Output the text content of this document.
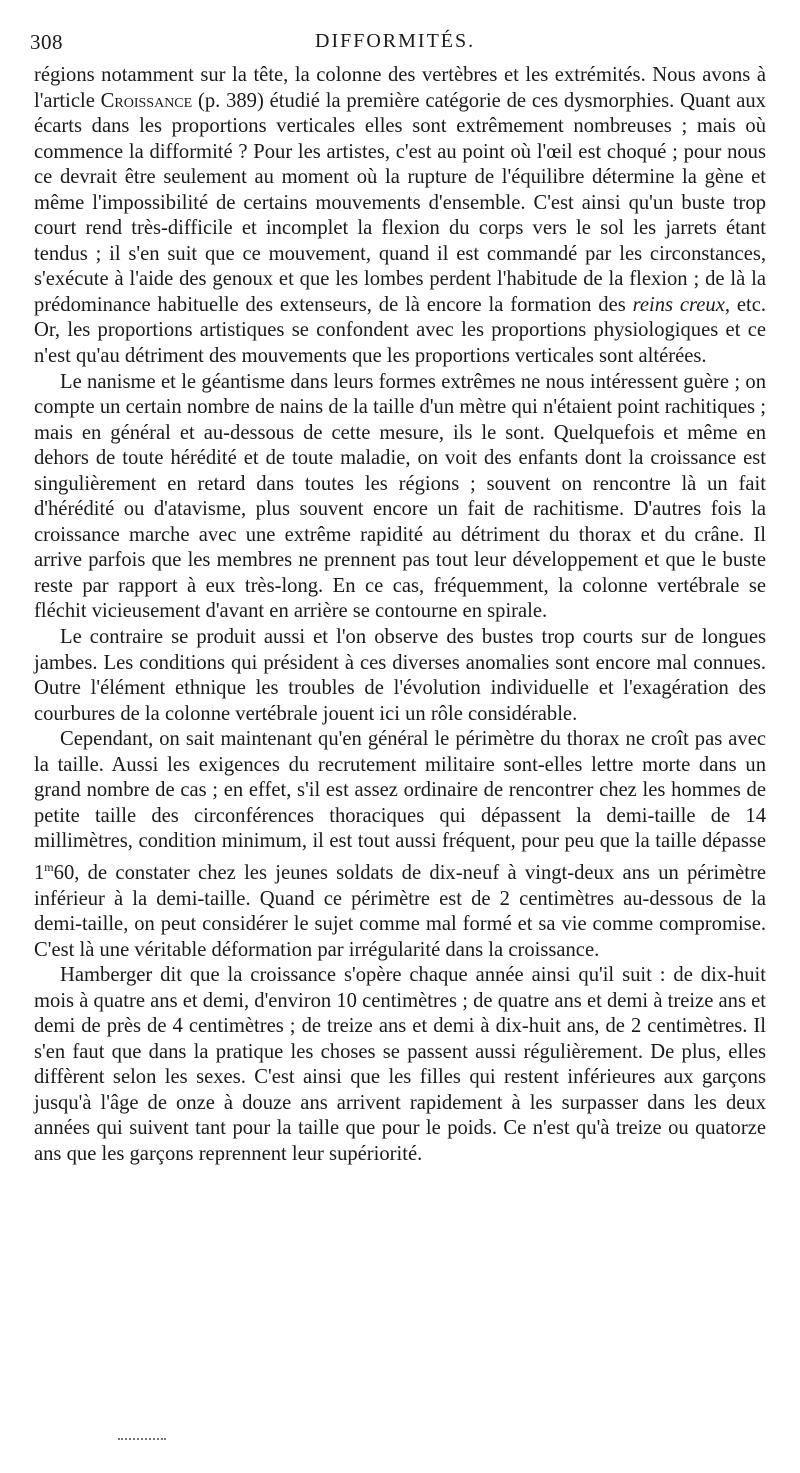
308	DIFFORMITÉS.

régions notamment sur la tête, la colonne des vertèbres et les extrémités. Nous avons à l'article Croissance (p. 389) étudié la première catégorie de ces dysmorphies. Quant aux écarts dans les proportions verticales elles sont extrêmement nombreuses ; mais où commence la difformité ? Pour les artistes, c'est au point où l'œil est choqué ; pour nous ce devrait être seulement au moment où la rupture de l'équilibre détermine la gène et même l'impossibilité de certains mouvements d'ensemble. C'est ainsi qu'un buste trop court rend très-difficile et incomplet la flexion du corps vers le sol les jarrets étant tendus ; il s'en suit que ce mouvement, quand il est commandé par les circonstances, s'exécute à l'aide des genoux et que les lombes perdent l'habitude de la flexion ; de là la prédominance habituelle des extenseurs, de là encore la formation des reins creux, etc. Or, les proportions artistiques se confondent avec les proportions physiologiques et ce n'est qu'au détriment des mouvements que les proportions verticales sont altérées.

Le nanisme et le géantisme dans leurs formes extrêmes ne nous intéressent guère ; on compte un certain nombre de nains de la taille d'un mètre qui n'étaient point rachitiques ; mais en général et au-dessous de cette mesure, ils le sont. Quelquefois et même en dehors de toute hérédité et de toute maladie, on voit des enfants dont la croissance est singulièrement en retard dans toutes les régions ; souvent on rencontre là un fait d'hérédité ou d'atavisme, plus souvent encore un fait de rachitisme. D'autres fois la croissance marche avec une extrême rapidité au détriment du thorax et du crâne. Il arrive parfois que les membres ne prennent pas tout leur développement et que le buste reste par rapport à eux très-long. En ce cas, fréquemment, la colonne vertébrale se fléchit vicieusement d'avant en arrière se contourne en spirale.

Le contraire se produit aussi et l'on observe des bustes trop courts sur de longues jambes. Les conditions qui président à ces diverses anomalies sont encore mal connues. Outre l'élément ethnique les troubles de l'évolution individuelle et l'exagération des courbures de la colonne vertébrale jouent ici un rôle considérable.

Cependant, on sait maintenant qu'en général le périmètre du thorax ne croît pas avec la taille. Aussi les exigences du recrutement militaire sont-elles lettre morte dans un grand nombre de cas ; en effet, s'il est assez ordinaire de rencontrer chez les hommes de petite taille des circonférences thoraciques qui dépassent la demi-taille de 14 millimètres, condition minimum, il est tout aussi fréquent, pour peu que la taille dépasse 1$^m$60, de constater chez les jeunes soldats de dix-neuf à vingt-deux ans un périmètre inférieur à la demi-taille. Quand ce périmètre est de 2 centimètres au-dessous de la demi-taille, on peut considérer le sujet comme mal formé et sa vie comme compromise. C'est là une véritable déformation par irrégularité dans la croissance.

Hamberger dit que la croissance s'opère chaque année ainsi qu'il suit : de dix-huit mois à quatre ans et demi, d'environ 10 centimètres ; de quatre ans et demi à treize ans et demi de près de 4 centimètres ; de treize ans et demi à dix-huit ans, de 2 centimètres. Il s'en faut que dans la pratique les choses se passent aussi régulièrement. De plus, elles diffèrent selon les sexes. C'est ainsi que les filles qui restent inférieures aux garçons jusqu'à l'âge de onze à douze ans arrivent rapidement à les surpasser dans les deux années qui suivent tant pour la taille que pour le poids. Ce n'est qu'à treize ou quatorze ans que les garçons reprennent leur supériorité.
